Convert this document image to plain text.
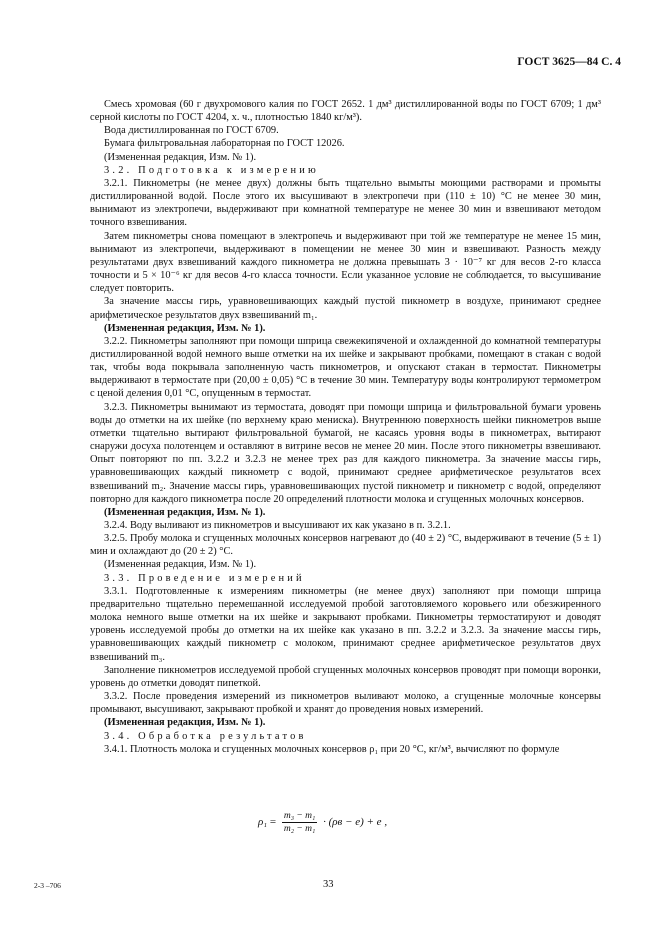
ГОСТ 3625—84 С. 4

Смесь хромовая (60 г двухромового калия по ГОСТ 2652. 1 дм³ дистиллированной воды по ГОСТ 6709; 1 дм³ серной кислоты по ГОСТ 4204, х. ч., плотностью 1840 кг/м³).

Вода дистиллированная по ГОСТ 6709.

Бумага фильтровальная лабораторная по ГОСТ 12026.

(Измененная редакция, Изм. № 1).

3.2. Подготовка к измерению

3.2.1. Пикнометры (не менее двух) должны быть тщательно вымыты моющими растворами и промыты дистиллированной водой. После этого их высушивают в электропечи при (110 ± 10) °С не менее 30 мин, вынимают из электропечи, выдерживают при комнатной температуре не менее 30 мин и взвешивают методом точного взвешивания.

Затем пикнометры снова помещают в электропечь и выдерживают при той же температуре не менее 15 мин, вынимают из электропечи, выдерживают в помещении не менее 30 мин и взвешивают. Разность между результатами двух взвешиваний каждого пикнометра не должна превышать 3 · 10⁻⁷ кг для весов 2-го класса точности и 5 × 10⁻⁶ кг для весов 4-го класса точности. Если указанное условие не соблюдается, то высушивание следует повторить.

За значение массы гирь, уравновешивающих каждый пустой пикнометр в воздухе, принимают среднее арифметическое результатов двух взвешиваний m₁.

(Измененная редакция, Изм. № 1).

3.2.2. Пикнометры заполняют при помощи шприца свежекипяченой и охлажденной до комнатной температуры дистиллированной водой немного выше отметки на их шейке и закрывают пробками, помещают в стакан с водой так, чтобы вода покрывала заполненную часть пикнометров, и опускают стакан в термостат. Пикнометры выдерживают в термостате при (20,00 ± 0,05) °С в течение 30 мин. Температуру воды контролируют термометром с ценой деления 0,01 °С, опущенным в термостат.

3.2.3. Пикнометры вынимают из термостата, доводят при помощи шприца и фильтровальной бумаги уровень воды до отметки на их шейке (по верхнему краю мениска). Внутреннюю поверхность шейки пикнометров выше отметки тщательно вытирают фильтровальной бумагой, не касаясь уровня воды в пикнометрах, вытирают снаружи досуха полотенцем и оставляют в витрине весов не менее 20 мин. После этого пикнометры взвешивают. Опыт повторяют по пп. 3.2.2 и 3.2.3 не менее трех раз для каждого пикнометра. За значение массы гирь, уравновешивающих каждый пикнометр с водой, принимают среднее арифметическое результатов всех взвешиваний m₂. Значение массы гирь, уравновешивающих пустой пикнометр и пикнометр с водой, определяют повторно для каждого пикнометра после 20 определений плотности молока и сгущенных молочных консервов.

(Измененная редакция, Изм. № 1).

3.2.4. Воду выливают из пикнометров и высушивают их как указано в п. 3.2.1.

3.2.5. Пробу молока и сгущенных молочных консервов нагревают до (40 ± 2) °С, выдерживают в течение (5 ± 1) мин и охлаждают до (20 ± 2) °С.

(Измененная редакция, Изм. № 1).

3.3. Проведение измерений

3.3.1. Подготовленные к измерениям пикнометры (не менее двух) заполняют при помощи шприца предварительно тщательно перемешанной исследуемой пробой заготовляемого коровьего или обезжиренного молока немного выше отметки на их шейке и закрывают пробками. Пикнометры термостатируют и доводят уровень исследуемой пробы до отметки на их шейке как указано в пп. 3.2.2 и 3.2.3. За значение массы гирь, уравновешивающих каждый пикнометр с молоком, принимают среднее арифметическое результатов двух взвешиваний m₃.

Заполнение пикнометров исследуемой пробой сгущенных молочных консервов проводят при помощи воронки, уровень до отметки доводят пипеткой.

3.3.2. После проведения измерений из пикнометров выливают молоко, а сгущенные молочные консервы промывают, высушивают, закрывают пробкой и хранят до проведения новых измерений.

(Измененная редакция, Изм. № 1).

3.4. Обработка результатов

3.4.1. Плотность молока и сгущенных молочных консервов ρ₁ при 20 °С, кг/м³, вычисляют по формуле

$\rho_1 = \frac{\text{m₃ − m₁}}{\text{m₂ − m₁}} \cdot (\rho в - e) + e$ ,
2-3 –706	33
